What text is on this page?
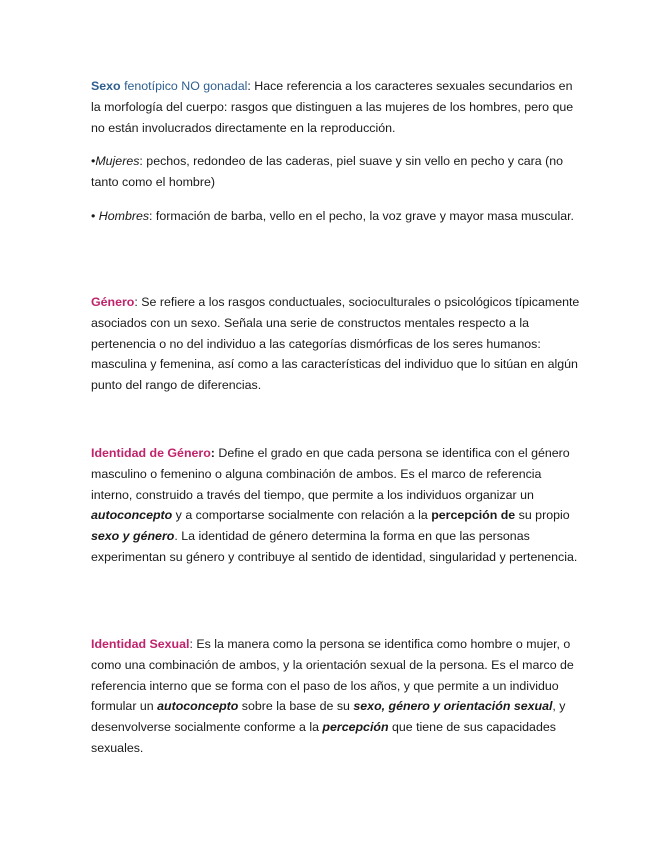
Sexo fenotípico NO gonadal: Hace referencia a los caracteres sexuales secundarios en la morfología del cuerpo: rasgos que distinguen a las mujeres de los hombres, pero que no están involucrados directamente en la reproducción.

•Mujeres: pechos, redondeo de las caderas, piel suave y sin vello en pecho y cara (no tanto como el hombre)

• Hombres: formación de barba, vello en el pecho, la voz grave y mayor masa muscular.

Género: Se refiere a los rasgos conductuales, socioculturales o psicológicos típicamente asociados con un sexo. Señala una serie de constructos mentales respecto a la pertenencia o no del individuo a las categorías dismórficas de los seres humanos: masculina y femenina, así como a las características del individuo que lo sitúan en algún punto del rango de diferencias.

Identidad de Género: Define el grado en que cada persona se identifica con el género masculino o femenino o alguna combinación de ambos. Es el marco de referencia interno, construido a través del tiempo, que permite a los individuos organizar un autoconcepto y a comportarse socialmente con relación a la percepción de su propio sexo y género. La identidad de género determina la forma en que las personas experimentan su género y contribuye al sentido de identidad, singularidad y pertenencia.

Identidad Sexual: Es la manera como la persona se identifica como hombre o mujer, o como una combinación de ambos, y la orientación sexual de la persona. Es el marco de referencia interno que se forma con el paso de los años, y que permite a un individuo formular un autoconcepto sobre la base de su sexo, género y orientación sexual, y desenvolverse socialmente conforme a la percepción que tiene de sus capacidades sexuales.
